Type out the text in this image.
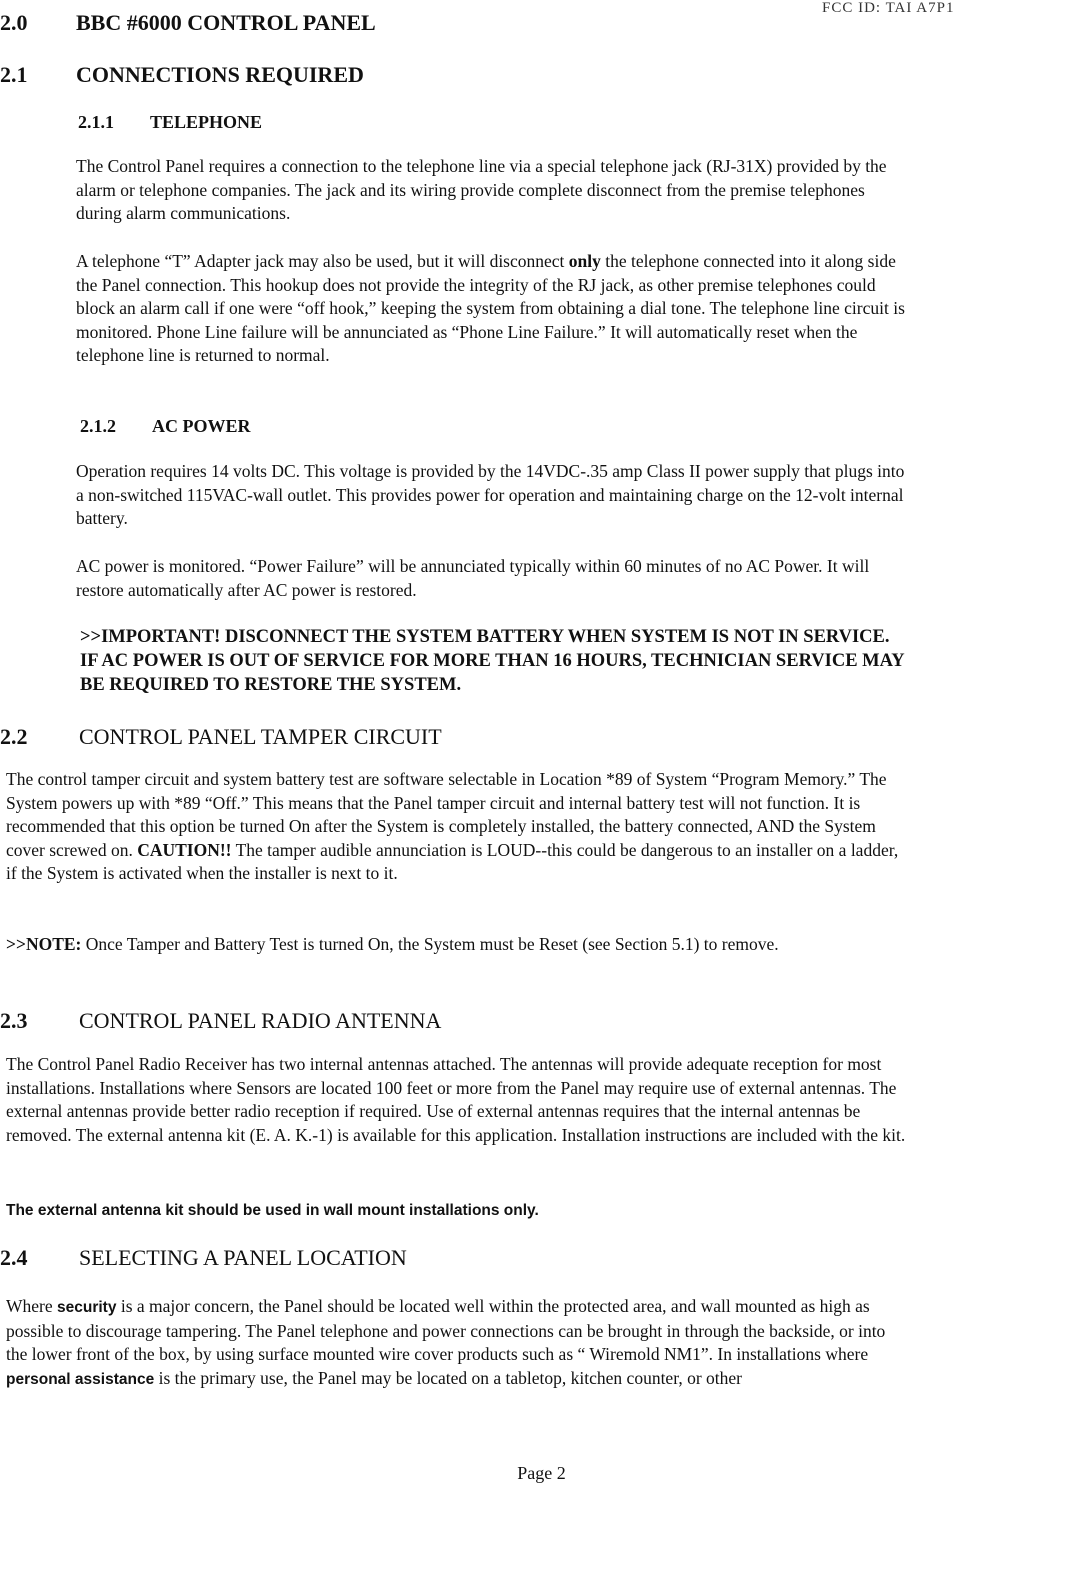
FCC ID: TAI A7P1
2.0 BBC #6000 CONTROL PANEL
2.1 CONNECTIONS REQUIRED
2.1.1 TELEPHONE

The Control Panel requires a connection to the telephone line via a special telephone jack (RJ-31X) provided by the alarm or telephone companies. The jack and its wiring provide complete disconnect from the premise telephones during alarm communications.

A telephone “T” Adapter jack may also be used, but it will disconnect only the telephone connected into it along side the Panel connection. This hookup does not provide the integrity of the RJ jack, as other premise telephones could block an alarm call if one were “off hook,” keeping the system from obtaining a dial tone. The telephone line circuit is monitored. Phone Line failure will be annunciated as “Phone Line Failure.” It will automatically reset when the telephone line is returned to normal.

2.1.2 AC POWER

Operation requires 14 volts DC. This voltage is provided by the 14VDC-.35 amp Class II power supply that plugs into a non-switched 115VAC-wall outlet. This provides power for operation and maintaining charge on the 12-volt internal battery.

AC power is monitored. “Power Failure” will be annunciated typically within 60 minutes of no AC Power. It will restore automatically after AC power is restored.

>>IMPORTANT! DISCONNECT THE SYSTEM BATTERY WHEN SYSTEM IS NOT IN SERVICE. IF AC POWER IS OUT OF SERVICE FOR MORE THAN 16 HOURS, TECHNICIAN SERVICE MAY BE REQUIRED TO RESTORE THE SYSTEM.

2.2 CONTROL PANEL TAMPER CIRCUIT

The control tamper circuit and system battery test are software selectable in Location *89 of System “Program Memory.” The System powers up with *89 “Off.” This means that the Panel tamper circuit and internal battery test will not function. It is recommended that this option be turned On after the System is completely installed, the battery connected, AND the System cover screwed on. CAUTION!! The tamper audible annunciation is LOUD--this could be dangerous to an installer on a ladder, if the System is activated when the installer is next to it.

>>NOTE: Once Tamper and Battery Test is turned On, the System must be Reset (see Section 5.1) to remove.

2.3 CONTROL PANEL RADIO ANTENNA

The Control Panel Radio Receiver has two internal antennas attached. The antennas will provide adequate reception for most installations. Installations where Sensors are located 100 feet or more from the Panel may require use of external antennas. The external antennas provide better radio reception if required. Use of external antennas requires that the internal antennas be removed. The external antenna kit (E. A. K.-1) is available for this application. Installation instructions are included with the kit.

The external antenna kit should be used in wall mount installations only.

2.4 SELECTING A PANEL LOCATION

Where security is a major concern, the Panel should be located well within the protected area, and wall mounted as high as possible to discourage tampering. The Panel telephone and power connections can be brought in through the backside, or into the lower front of the box, by using surface mounted wire cover products such as “ Wiremold NM1”. In installations where personal assistance is the primary use, the Panel may be located on a tabletop, kitchen counter, or other

Page 2
